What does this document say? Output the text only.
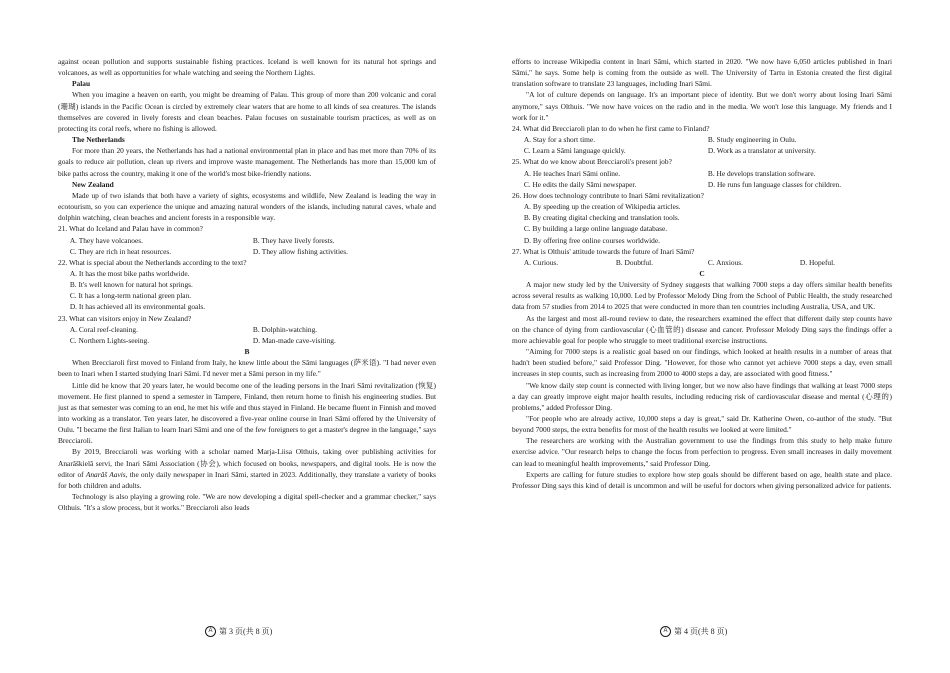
against ocean pollution and supports sustainable fishing practices. Iceland is well known for its natural hot springs and volcanoes, as well as opportunities for whale watching and seeing the Northern Lights.

Palau

When you imagine a heaven on earth, you might be dreaming of Palau. This group of more than 200 volcanic and coral (珊瑚) islands in the Pacific Ocean is circled by extremely clear waters that are home to all kinds of sea creatures. The islands themselves are covered in lively forests and clean beaches. Palau focuses on sustainable tourism practices, as well as on protecting its coral reefs, where no fishing is allowed.

The Netherlands

For more than 20 years, the Netherlands has had a national environmental plan in place and has met more than 70% of its goals to reduce air pollution, clean up rivers and improve waste management. The Netherlands has more than 15,000 km of bike paths across the country, making it one of the world's most bike-friendly nations.

New Zealand

Made up of two islands that both have a variety of sights, ecosystems and wildlife, New Zealand is leading the way in ecotourism, so you can experience the unique and amazing natural wonders of the islands, including natural caves, whale and dolphin watching, clean beaches and ancient forests in a responsible way.

21. What do Iceland and Palau have in common?

A. They have volcanoes.	B. They have lively forests.
C. They are rich in heat resources.	D. They allow fishing activities.

22. What is special about the Netherlands according to the text?

A. It has the most bike paths worldwide.
B. It's well known for natural hot springs.
C. It has a long-term national green plan.
D. It has achieved all its environmental goals.

23. What can visitors enjoy in New Zealand?

A. Coral reef-cleaning.	B. Dolphin-watching.
C. Northern Lights-seeing.	D. Man-made cave-visiting.

B

When Brecciaroli first moved to Finland from Italy, he knew little about the Sāmi languages (萨米语). "I had never even been to Inari when I started studying Inari Sāmi. I'd never met a Sāmi person in my life."

Little did he know that 20 years later, he would become one of the leading persons in the Inari Sāmi revitalization (恢复) movement. He first planned to spend a semester in Tampere, Finland, then return home to finish his engineering studies. But just as that semester was coming to an end, he met his wife and thus stayed in Finland. He became fluent in Finnish and moved into working as a translator. Ten years later, he discovered a five-year online course in Inari Sāmi offered by the University of Oulu. "I became the first Italian to learn Inari Sāmi and one of the few foreigners to get a master's degree in the language," says Brecciaroli.

By 2019, Brecciaroli was working with a scholar named Marja-Liisa Olthuis, taking over publishing activities for Anarâškielâ servi, the Inari Sāmi Association (协会), which focused on books, newspapers, and digital tools. He is now the editor of Anarâš Aavis, the only daily newspaper in Inari Sāmi, started in 2023. Additionally, they translate a variety of books for both children and adults.

Technology is also playing a growing role. "We are now developing a digital spell-checker and a grammar checker," says Olthuis. "It's a slow process, but it works." Brecciaroli also leads

efforts to increase Wikipedia content in Inari Sāmi, which started in 2020. "We now have 6,050 articles published in Inari Sāmi," he says. Some help is coming from the outside as well. The University of Tartu in Estonia created the first digital translation software to translate 23 languages, including Inari Sāmi.

"A lot of culture depends on language. It's an important piece of identity. But we don't worry about losing Inari Sāmi anymore," says Olthuis. "We now have voices on the radio and in the media. We won't lose this language. My friends and I work for it."

24. What did Brecciaroli plan to do when he first came to Finland?

A. Stay for a short time.	B. Study engineering in Oulu.
C. Learn a Sāmi language quickly.	D. Work as a translator at university.

25. What do we know about Brecciaroli's present job?

A. He teaches Inari Sāmi online.	B. He develops translation software.
C. He edits the daily Sāmi newspaper.	D. He runs fun language classes for children.

26. How does technology contribute to Inari Sāmi revitalization?

A. By speeding up the creation of Wikipedia articles.
B. By creating digital checking and translation tools.
C. By building a large online language database.
D. By offering free online courses worldwide.

27. What is Olthuis' attitude towards the future of Inari Sāmi?

A. Curious.	B. Doubtful.	C. Anxious.	D. Hopeful.

C

A major new study led by the University of Sydney suggests that walking 7000 steps a day offers similar health benefits across several results as walking 10,000. Led by Professor Melody Ding from the School of Public Health, the study researched data from 57 studies from 2014 to 2025 that were conducted in more than ten countries including Australia, USA, and UK.

As the largest and most all-round review to date, the researchers examined the effect that different daily step counts have on the chance of dying from cardiovascular (心血管的) disease and cancer. Professor Melody Ding says the findings offer a more achievable goal for people who struggle to meet traditional exercise instructions.

"Aiming for 7000 steps is a realistic goal based on our findings, which looked at health results in a number of areas that hadn't been studied before," said Professor Ding. "However, for those who cannot yet achieve 7000 steps a day, even small increases in step counts, such as increasing from 2000 to 4000 steps a day, are associated with good fitness."

"We know daily step count is connected with living longer, but we now also have findings that walking at least 7000 steps a day can greatly improve eight major health results, including reducing risk of cardiovascular disease and mental (心理的) problems," added Professor Ding.

"For people who are already active, 10,000 steps a day is great," said Dr. Katherine Owen, co-author of the study. "But beyond 7000 steps, the extra benefits for most of the health results we looked at were limited."

The researchers are working with the Australian government to use the findings from this study to help make future exercise advice. "Our research helps to change the focus from perfection to progress. Even small increases in daily movement can lead to meaningful health improvements," said Professor Ding.

Experts are calling for future studies to explore how step goals should be different based on age, health state and place. Professor Ding says this kind of detail is uncommon and will be useful for doctors when giving personalized advice for patients.

A 第 3 页(共 8 页)	A 第 4 页(共 8 页)
